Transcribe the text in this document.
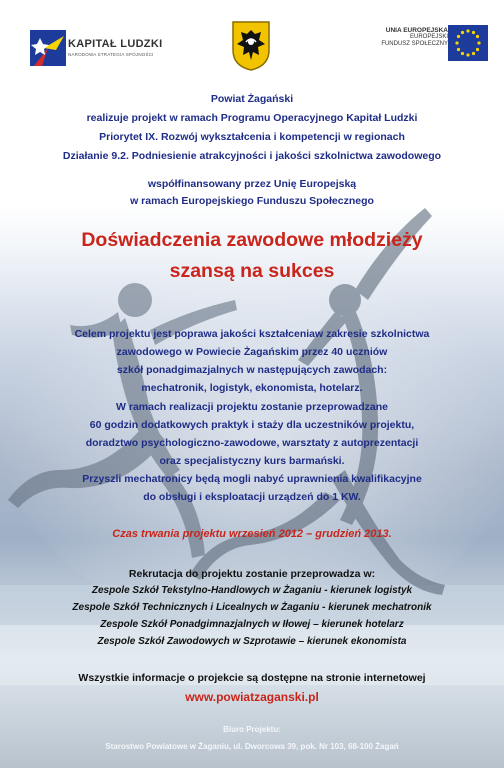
KAPITAŁ LUDZKI
NARODOWA STRATEGIA SPÓJNOŚCI
UNIA EUROPEJSKA
EUROPEJSKI
FUNDUSZ SPOŁECZNY
Powiat Żagański
realizuje projekt w ramach Programu Operacyjnego Kapitał Ludzki
Priorytet IX. Rozwój wykształcenia i kompetencji w regionach
Działanie 9.2. Podniesienie atrakcyjności i jakości szkolnictwa zawodowego
współfinansowany przez Unię Europejską
w ramach Europejskiego Funduszu Społecznego
Doświadczenia zawodowe młodzieży
szansą na sukces
Celem projektu jest poprawa jakości kształceniaw zakresie szkolnictwa
zawodowego w Powiecie Żagańskim przez 40 uczniów
szkół ponadgimazjalnych w następujących zawodach:
mechatronik, logistyk, ekonomista, hotelarz.
W ramach realizacji projektu zostanie przeprowadzane
60 godzin dodatkowych praktyk i staży dla uczestników projektu,
doradztwo psychologiczno-zawodowe, warsztaty z autoprezentacji
oraz specjalistyczny kurs barmański.
Przyszli mechatronicy będą mogli nabyć uprawnienia kwalifikacyjne
do obsługi i eksploatacji urządzeń do 1 KW.
Czas trwania projektu wrzesień 2012 – grudzień 2013.
Rekrutacja do projektu zostanie przeprowadza w:
Zespole Szkół Tekstylno-Handlowych w Żaganiu - kierunek logistyk
Zespole Szkół Technicznych i Licealnych w Żaganiu - kierunek mechatronik
Zespole Szkół Ponadgimnazjalnych w Iłowej – kierunek hotelarz
Zespole Szkół Zawodowych w Szprotawie – kierunek ekonomista
Wszystkie informacje o projekcie są dostępne na stronie internetowej
www.powiatzaganski.pl
Biuro Projektu:
Starostwo Powiatowe w Żaganiu, ul. Dworcowa 39, pok. Nr 103, 68-100 Żagań
